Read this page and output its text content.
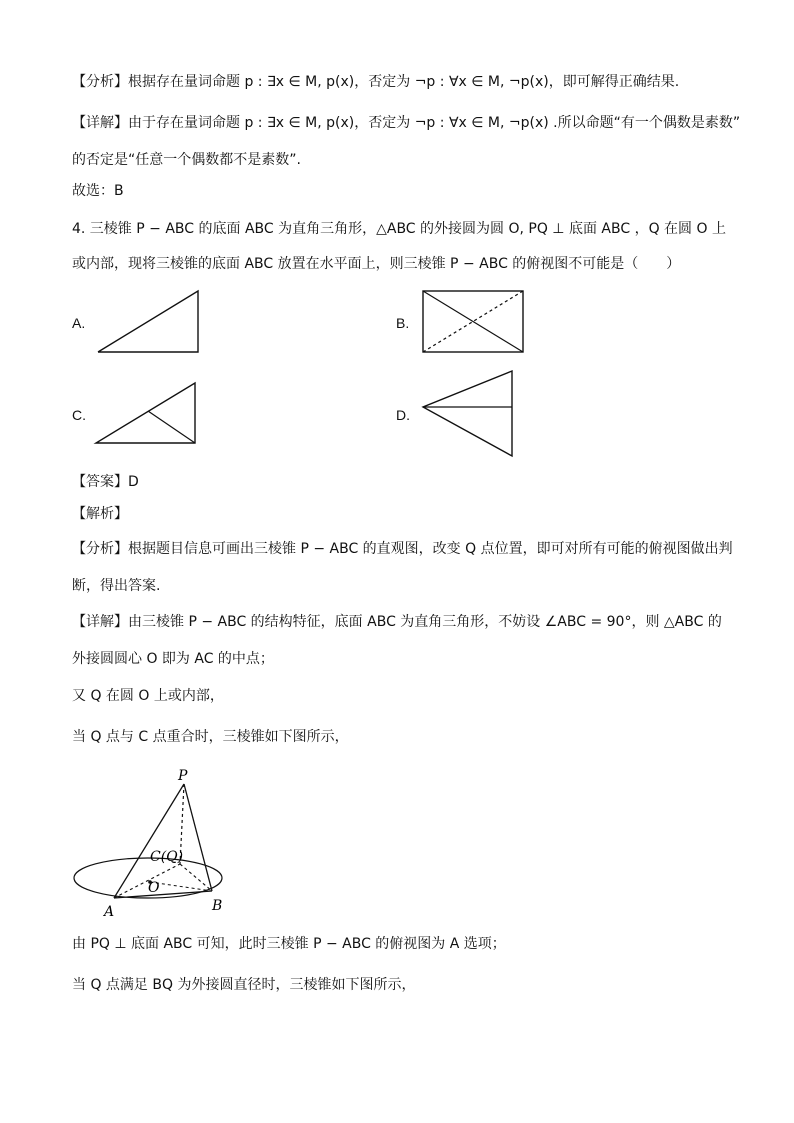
【分析】根据存在量词命题 p : ∃x ∈ M, p(x)，否定为 ¬p : ∀x ∈ M, ¬p(x)，即可解得正确结果.
【详解】由于存在量词命题 p : ∃x ∈ M, p(x)，否定为 ¬p : ∀x ∈ M, ¬p(x) .所以命题“有一个偶数是素数”
的否定是“任意一个偶数都不是素数”.
故选：B
4. 三棱锥 P − ABC 的底面 ABC 为直角三角形，△ABC 的外接圆为圆 O, PQ ⊥ 底面 ABC ，Q 在圆 O 上
或内部，现将三棱锥的底面 ABC 放置在水平面上，则三棱锥 P − ABC 的俯视图不可能是（　　）
A.	B.
C.	D.
【答案】D
【解析】
【分析】根据题目信息可画出三棱锥 P − ABC 的直观图，改变 Q 点位置，即可对所有可能的俯视图做出判
断，得出答案.
【详解】由三棱锥 P − ABC 的结构特征，底面 ABC 为直角三角形，不妨设 ∠ABC = 90°，则 △ABC 的
外接圆圆心 O 即为 AC 的中点；
又 Q 在圆 O 上或内部，
当 Q 点与 C 点重合时，三棱锥如下图所示，
P
C(Q)
O
A	B
由 PQ ⊥ 底面 ABC 可知，此时三棱锥 P − ABC 的俯视图为 A 选项；
当 Q 点满足 BQ 为外接圆直径时，三棱锥如下图所示，
